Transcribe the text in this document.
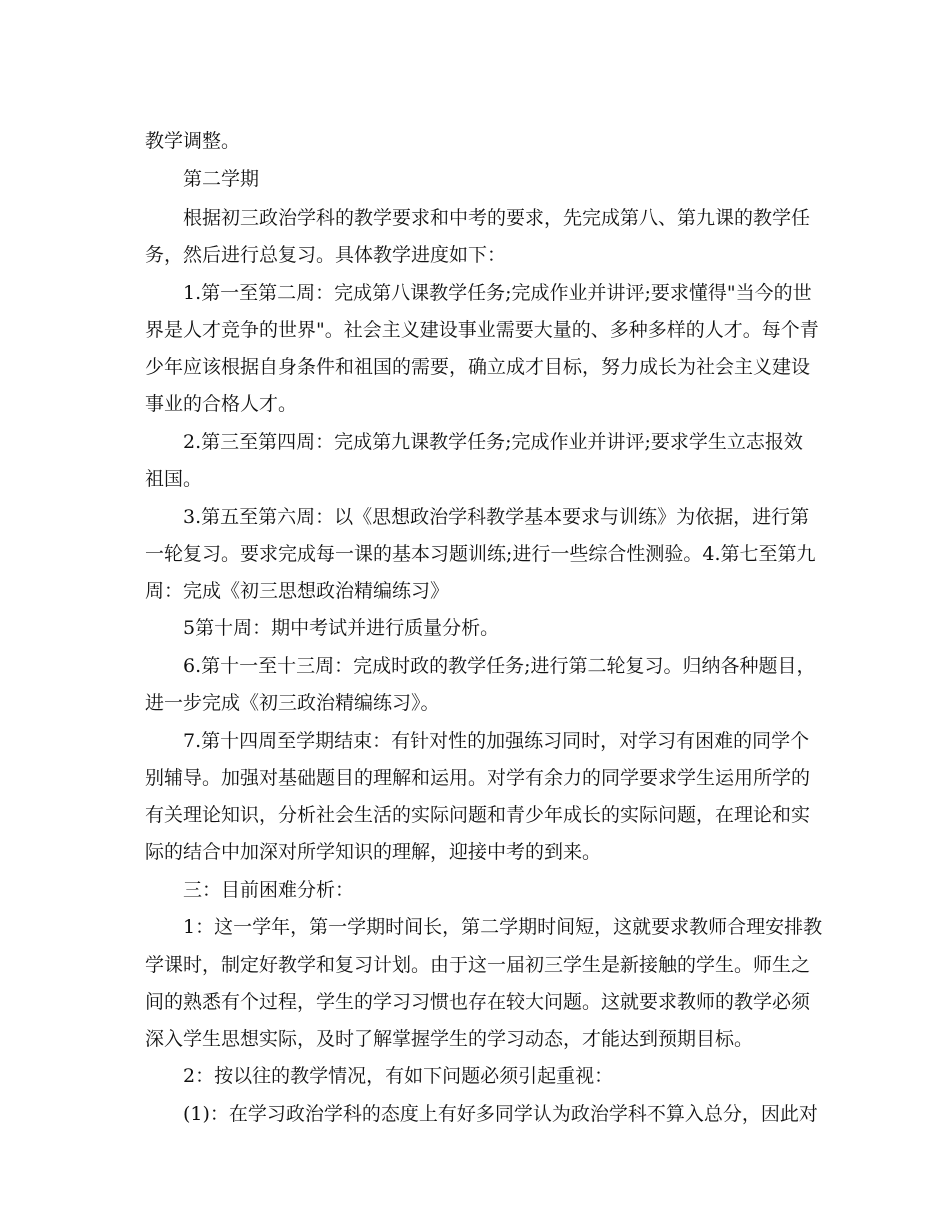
教学调整。
第二学期
根据初三政治学科的教学要求和中考的要求，先完成第八、第九课的教学任
务，然后进行总复习。具体教学进度如下：
1.第一至第二周：完成第八课教学任务;完成作业并讲评;要求懂得"当今的世
界是人才竞争的世界"。社会主义建设事业需要大量的、多种多样的人才。每个青
少年应该根据自身条件和祖国的需要，确立成才目标，努力成长为社会主义建设
事业的合格人才。
2.第三至第四周：完成第九课教学任务;完成作业并讲评;要求学生立志报效
祖国。
3.第五至第六周：以《思想政治学科教学基本要求与训练》为依据，进行第
一轮复习。要求完成每一课的基本习题训练;进行一些综合性测验。4.第七至第九
周：完成《初三思想政治精编练习》
5第十周：期中考试并进行质量分析。
6.第十一至十三周：完成时政的教学任务;进行第二轮复习。归纳各种题目，
进一步完成《初三政治精编练习》。
7.第十四周至学期结束：有针对性的加强练习同时，对学习有困难的同学个
别辅导。加强对基础题目的理解和运用。对学有余力的同学要求学生运用所学的
有关理论知识，分析社会生活的实际问题和青少年成长的实际问题，在理论和实
际的结合中加深对所学知识的理解，迎接中考的到来。
三：目前困难分析：
1：这一学年，第一学期时间长，第二学期时间短，这就要求教师合理安排教
学课时，制定好教学和复习计划。由于这一届初三学生是新接触的学生。师生之
间的熟悉有个过程，学生的学习习惯也存在较大问题。这就要求教师的教学必须
深入学生思想实际，及时了解掌握学生的学习动态，才能达到预期目标。
2：按以往的教学情况，有如下问题必须引起重视：
(1)：在学习政治学科的态度上有好多同学认为政治学科不算入总分，因此对
